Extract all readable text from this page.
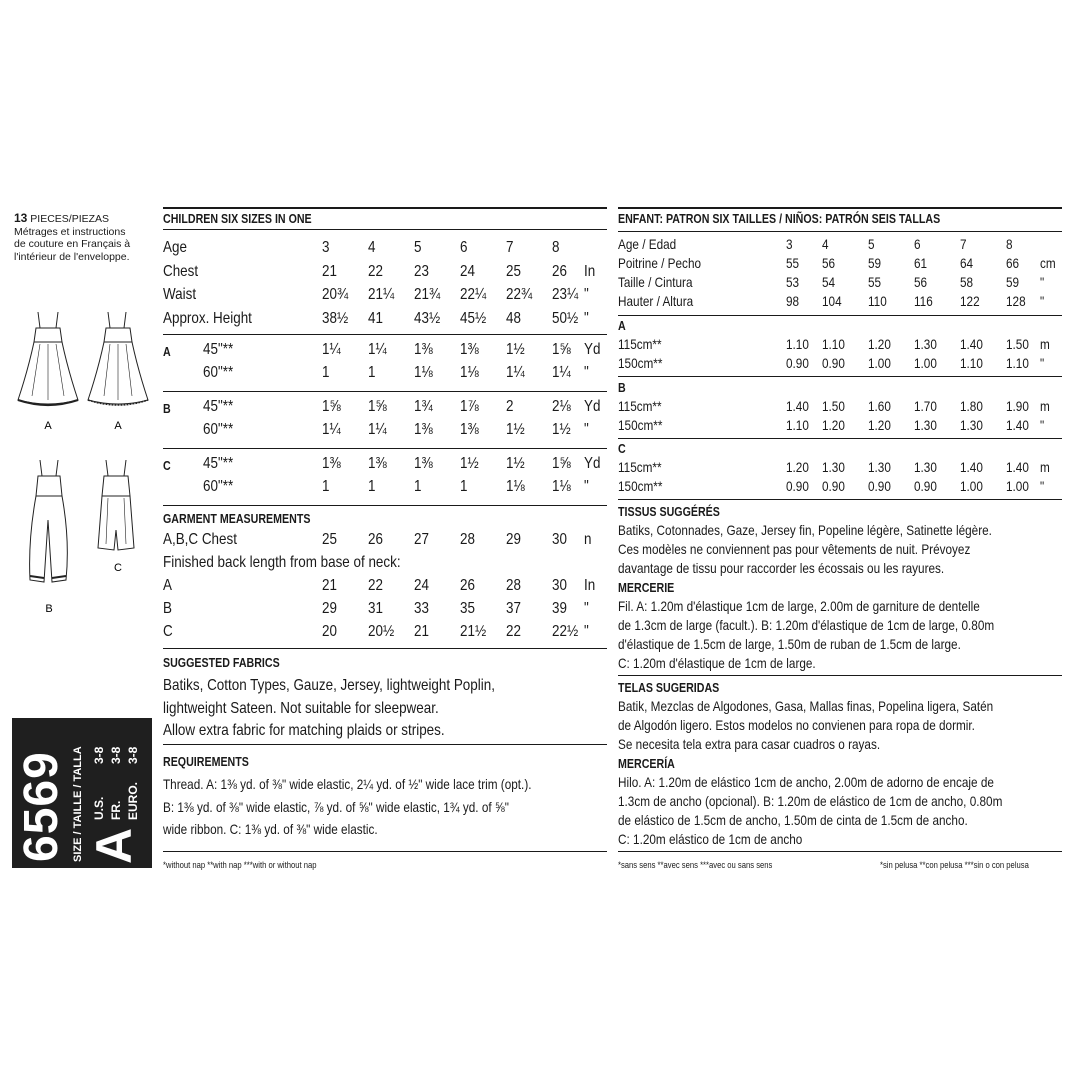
13 PIECES/PIEZAS
Métrages et instructions
de couture en Français à
l'intérieur de l'enveloppe.
A	A
B
C
6569 SIZE / TAILLE / TALLA A
U.S.3-8
FR.3-8
EURO.3-8
CHILDREN SIX SIZES IN ONE
Age	3 4 5 6 7 8
Chest	21 22 23 24 25 26 In
Waist	20¾ 21¼ 21¾ 22¼ 22¾ 23¼ "
Approx. Height	38½ 41 43½ 45½ 48 50½ "
A 45"**	1¼ 1¼ 1⅜ 1⅜ 1½ 1⅝ Yd
60"**	1 1 1⅛ 1⅛ 1¼ 1¼ "
B 45"**	1⅝ 1⅝ 1¾ 1⅞ 2 2⅛ Yd
60"**	1¼ 1¼ 1⅜ 1⅜ 1½ 1½ "
C 45"**	1⅜ 1⅜ 1⅜ 1½ 1½ 1⅝ Yd
60"**	1 1 1 1 1⅛ 1⅛ "
GARMENT MEASUREMENTS
A,B,C Chest	25 26 27 28 29 30 n
Finished back length from base of neck:
A	21 22 24 26 28 30 In
B	29 31 33 35 37 39 "
C	20 20½ 21 21½ 22 22½ "
SUGGESTED FABRICS
Batiks, Cotton Types, Gauze, Jersey, lightweight Poplin,
lightweight Sateen. Not suitable for sleepwear.
Allow extra fabric for matching plaids or stripes.
REQUIREMENTS
Thread. A: 1⅜ yd. of ⅜" wide elastic, 2¼ yd. of ½" wide lace trim (opt.).
B: 1⅜ yd. of ⅜" wide elastic, ⅞ yd. of ⅝" wide elastic, 1¾ yd. of ⅝"
wide ribbon. C: 1⅜ yd. of ⅜" wide elastic.
*without nap **with nap ***with or without nap
ENFANT: PATRON SIX TAILLES / NIÑOS: PATRÓN SEIS TALLAS
Age / Edad	3 4	5	6	7	8
Poitrine / Pecho	55 56 59 61 64 66 cm
Taille / Cintura	53 54 55 56 58 59 "
Hauter / Altura	98 104 110 116 122 128 "
A
115cm**	1.10 1.10 1.20 1.30 1.40 1.50 m
150cm**	0.90 0.90 1.00 1.00 1.10 1.10 "
B
115cm**	1.40 1.50 1.60 1.70 1.80 1.90 m
150cm**	1.10 1.20 1.20 1.30 1.30 1.40 "
C
115cm**	1.20 1.30 1.30 1.30 1.40 1.40 m
150cm**	0.90 0.90 0.90 0.90 1.00 1.00 "
TISSUS SUGGÉRÉS
Batiks, Cotonnades, Gaze, Jersey fin, Popeline légère, Satinette légère.
Ces modèles ne conviennent pas pour vêtements de nuit. Prévoyez
davantage de tissu pour raccorder les écossais ou les rayures.
MERCERIE
Fil. A: 1.20m d'élastique 1cm de large, 2.00m de garniture de dentelle
de 1.3cm de large (facult.). B: 1.20m d'élastique de 1cm de large, 0.80m
d'élastique de 1.5cm de large, 1.50m de ruban de 1.5cm de large.
C: 1.20m d'élastique de 1cm de large.
TELAS SUGERIDAS
Batik, Mezclas de Algodones, Gasa, Mallas finas, Popelina ligera, Satén
de Algodón ligero. Estos modelos no convienen para ropa de dormir.
Se necesita tela extra para casar cuadros o rayas.
MERCERÍA
Hilo. A: 1.20m de elástico 1cm de ancho, 2.00m de adorno de encaje de
1.3cm de ancho (opcional). B: 1.20m de elástico de 1cm de ancho, 0.80m
de elástico de 1.5cm de ancho, 1.50m de cinta de 1.5cm de ancho.
C: 1.20m elástico de 1cm de ancho
*sans sens **avec sens ***avec ou sans sens	*sin pelusa **con pelusa ***sin o con pelusa
